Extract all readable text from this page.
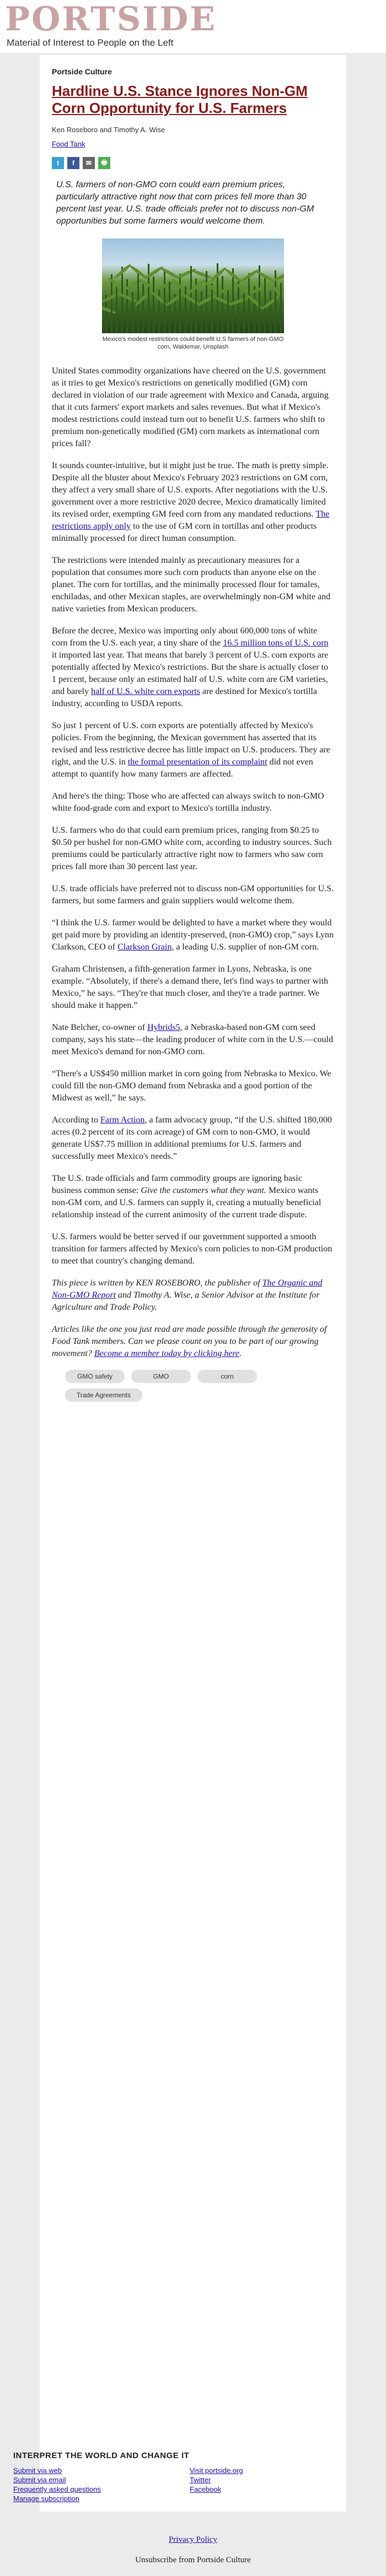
PORTSIDE
Material of Interest to People on the Left
Portside Culture
Hardline U.S. Stance Ignores Non-GM Corn Opportunity for U.S. Farmers
Ken Roseboro and Timothy A. Wise
Food Tank
t	f	✉	🖶
U.S. farmers of non-GMO corn could earn premium prices, particularly attractive right now that corn prices fell more than 30 percent last year. U.S. trade officials prefer not to discuss non-GM opportunities but some farmers would welcome them.
Mexico's modest restrictions could benefit U.S farmers of non-GMO corn, Waldemar, Unsplash

United States commodity organizations have cheered on the U.S. government as it tries to get Mexico's restrictions on genetically modified (GM) corn declared in violation of our trade agreement with Mexico and Canada, arguing that it cuts farmers' export markets and sales revenues. But what if Mexico's modest restrictions could instead turn out to benefit U.S. farmers who shift to premium non-genetically modified (GM) corn markets as international corn prices fall?

It sounds counter-intuitive, but it might just be true. The math is pretty simple. Despite all the bluster about Mexico's February 2023 restrictions on GM corn, they affect a very small share of U.S. exports. After negotiations with the U.S. government over a more restrictive 2020 decree, Mexico dramatically limited its revised order, exempting GM feed corn from any mandated reductions. The restrictions apply only to the use of GM corn in tortillas and other products minimally processed for direct human consumption.

The restrictions were intended mainly as precautionary measures for a population that consumes more such corn products than anyone else on the planet. The corn for tortillas, and the minimally processed flour for tamales, enchiladas, and other Mexican staples, are overwhelmingly non-GM white and native varieties from Mexican producers.

Before the decree, Mexico was importing only about 600,000 tons of white corn from the U.S. each year, a tiny share of the 16.5 million tons of U.S. corn it imported last year. That means that barely 3 percent of U.S. corn exports are potentially affected by Mexico's restrictions. But the share is actually closer to 1 percent, because only an estimated half of U.S. white corn are GM varieties, and barely half of U.S. white corn exports are destined for Mexico's tortilla industry, according to USDA reports.

So just 1 percent of U.S. corn exports are potentially affected by Mexico's policies. From the beginning, the Mexican government has asserted that its revised and less restrictive decree has little impact on U.S. producers. They are right, and the U.S. in the formal presentation of its complaint did not even attempt to quantify how many farmers are affected.

And here's the thing: Those who are affected can always switch to non-GMO white food-grade corn and export to Mexico's tortilla industry.

U.S. farmers who do that could earn premium prices, ranging from $0.25 to $0.50 per bushel for non-GMO white corn, according to industry sources. Such premiums could be particularly attractive right now to farmers who saw corn prices fall more than 30 percent last year.

U.S. trade officials have preferred not to discuss non-GM opportunities for U.S. farmers, but some farmers and grain suppliers would welcome them.

“I think the U.S. farmer would be delighted to have a market where they would get paid more by providing an identity-preserved, (non-GMO) crop,” says Lynn Clarkson, CEO of Clarkson Grain, a leading U.S. supplier of non-GM corn.

Graham Christensen, a fifth-generation farmer in Lyons, Nebraska, is one example. “Absolutely, if there's a demand there, let's find ways to partner with Mexico,” he says. “They're that much closer, and they're a trade partner. We should make it happen.”

Nate Belcher, co-owner of Hybrids5, a Nebraska-based non-GM corn seed company, says his state—the leading producer of white corn in the U.S.—could meet Mexico's demand for non-GMO corn.

“There's a US$450 million market in corn going from Nebraska to Mexico. We could fill the non-GMO demand from Nebraska and a good portion of the Midwest as well,” he says.

According to Farm Action, a farm advocacy group, “if the U.S. shifted 180,000 acres (0.2 percent of its corn acreage) of GM corn to non-GMO, it would generate US$7.75 million in additional premiums for U.S. farmers and successfully meet Mexico's needs.”

The U.S. trade officials and farm commodity groups are ignoring basic business common sense: Give the customers what they want. Mexico wants non-GM corn, and U.S. farmers can supply it, creating a mutually beneficial relationship instead of the current animosity of the current trade dispute.

U.S. farmers would be better served if our government supported a smooth transition for farmers affected by Mexico's corn policies to non-GM production to meet that country's changing demand.

This piece is written by KEN ROSEBORO, the publisher of The Organic and Non-GMO Report and Timothy A. Wise, a Senior Advisor at the Institute for Agriculture and Trade Policy.

Articles like the one you just read are made possible through the generosity of Food Tank members. Can we please count on you to be part of our growing movement? Become a member today by clicking here.

GMO safety	GMO	corn
Trade Agreements
INTERPRET THE WORLD AND CHANGE IT
Submit via web
Submit via email
Frequently asked questions
Manage subscription
Visit portside.org
Twitter
Facebook
Privacy Policy
Unsubscribe from Portside Culture
